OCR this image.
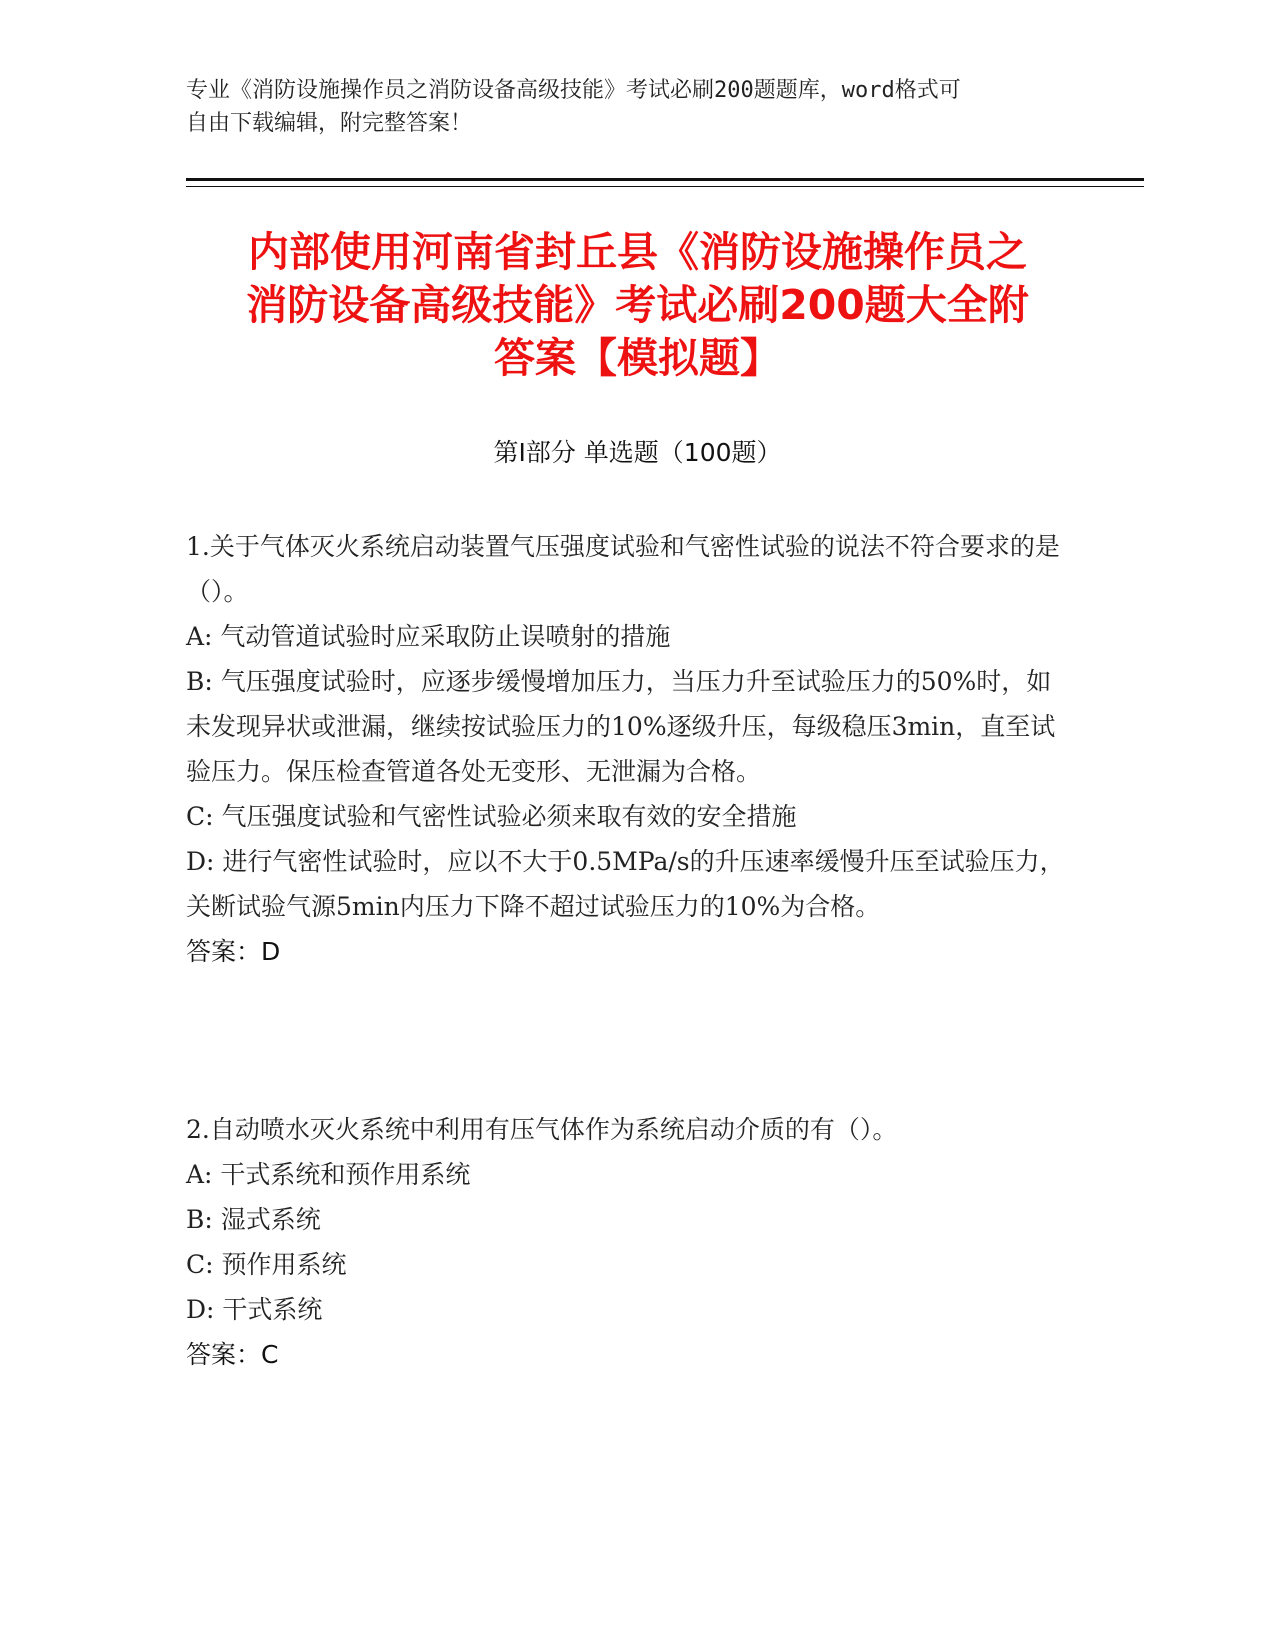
专业《消防设施操作员之消防设备高级技能》考试必刷200题题库，word格式可
自由下载编辑，附完整答案！
内部使用河南省封丘县《消防设施操作员之
消防设备高级技能》考试必刷200题大全附
答案【模拟题】
第Ⅰ部分 单选题（100题）

1.关于气体灭火系统启动装置气压强度试验和气密性试验的说法不符合要求的是（）。

A: 气动管道试验时应采取防止误喷射的措施

B: 气压强度试验时，应逐步缓慢增加压力，当压力升至试验压力的50%时，如未发现异状或泄漏，继续按试验压力的10%逐级升压，每级稳压3min，直至试验压力。保压检查管道各处无变形、无泄漏为合格。

C: 气压强度试验和气密性试验必须来取有效的安全措施

D: 进行气密性试验时，应以不大于0.5MPa/s的升压速率缓慢升压至试验压力，关断试验气源5min内压力下降不超过试验压力的10%为合格。

答案：D

2.自动喷水灭火系统中利用有压气体作为系统启动介质的有（）。

A: 干式系统和预作用系统

B: 湿式系统

C: 预作用系统

D: 干式系统

答案：C
